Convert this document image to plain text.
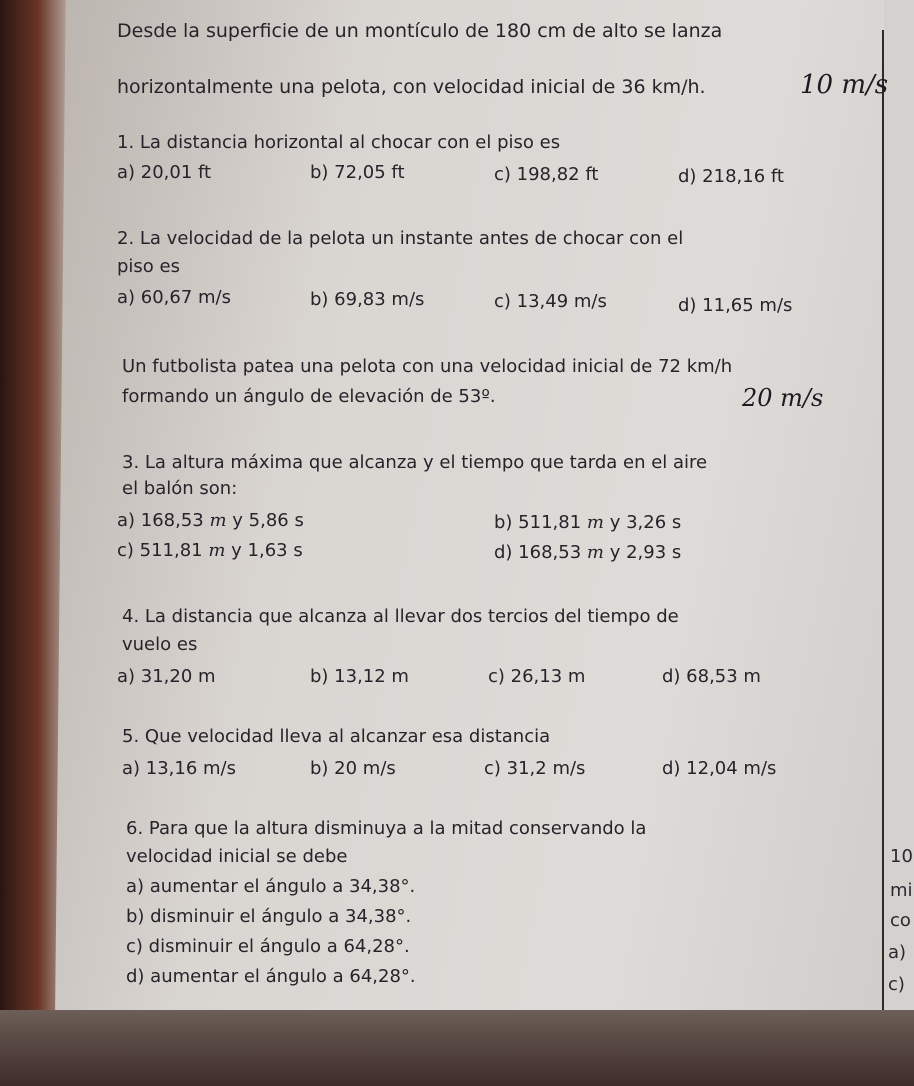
Desde la superficie de un montículo de 180 cm de alto se lanza
horizontalmente una pelota, con velocidad inicial de 36 km/h.	10 m/s
1. La distancia horizontal al chocar con el piso es
a) 20,01 ft	b) 72,05 ft	c) 198,82 ft	d) 218,16 ft
2. La velocidad de la pelota un instante antes de chocar con el
piso es
a) 60,67 m/s	b) 69,83 m/s	c) 13,49 m/s	d) 11,65 m/s
Un futbolista patea una pelota con una velocidad inicial de 72 km/h
formando un ángulo de elevación de 53º.	20 m/s
3. La altura máxima que alcanza y el tiempo que tarda en el aire
el balón son:
a) 168,53 m y 5,86 s	b) 511,81 m y 3,26 s
c) 511,81 m y 1,63 s	d) 168,53 m y 2,93 s
4. La distancia que alcanza al llevar dos tercios del tiempo de
vuelo es
a) 31,20 m	b) 13,12 m	c) 26,13 m	d) 68,53 m
5. Que velocidad lleva al alcanzar esa distancia
a) 13,16 m/s	b) 20 m/s	c) 31,2 m/s	d) 12,04 m/s
6. Para que la altura disminuya a la mitad conservando la
velocidad inicial se debe
a) aumentar el ángulo a 34,38°.
b) disminuir el ángulo a 34,38°.
c) disminuir el ángulo a 64,28°.
d) aumentar el ángulo a 64,28°.
10
mi
co
a)
c)
